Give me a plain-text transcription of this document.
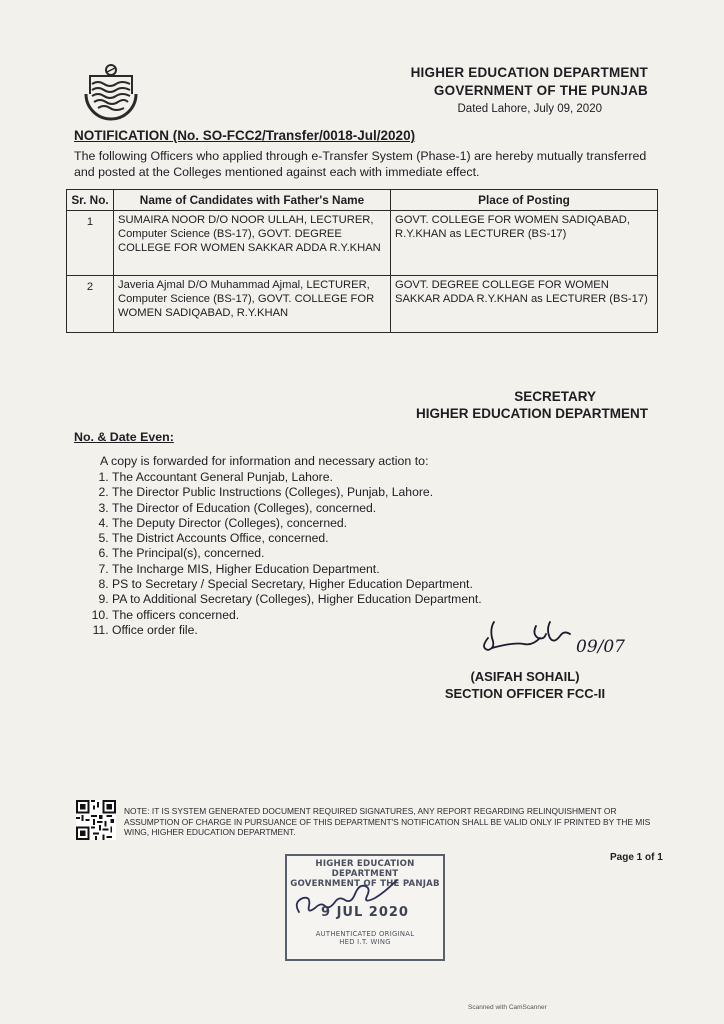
HIGHER EDUCATION DEPARTMENT
GOVERNMENT OF THE PUNJAB
Dated Lahore, July 09, 2020
NOTIFICATION (No. SO-FCC2/Transfer/0018-Jul/2020)
The following Officers who applied through e-Transfer System (Phase-1) are hereby mutually transferred and posted at the Colleges mentioned against each with immediate effect.
Sr. No.	Name of Candidates with Father's Name	Place of Posting
1	SUMAIRA NOOR D/O NOOR ULLAH, LECTURER, Computer Science (BS-17), GOVT. DEGREE COLLEGE FOR WOMEN SAKKAR ADDA R.Y.KHAN	GOVT. COLLEGE FOR WOMEN SADIQABAD, R.Y.KHAN as LECTURER (BS-17)
2	Javeria Ajmal D/O Muhammad Ajmal, LECTURER, Computer Science (BS-17), GOVT. COLLEGE FOR WOMEN SADIQABAD, R.Y.KHAN	GOVT. DEGREE COLLEGE FOR WOMEN SAKKAR ADDA R.Y.KHAN as LECTURER (BS-17)
SECRETARY
HIGHER EDUCATION DEPARTMENT
No. & Date Even:
A copy is forwarded for information and necessary action to:
1. The Accountant General Punjab, Lahore.
2. The Director Public Instructions (Colleges), Punjab, Lahore.
3. The Director of Education (Colleges), concerned.
4. The Deputy Director (Colleges), concerned.
5. The District Accounts Office, concerned.
6. The Principal(s), concerned.
7. The Incharge MIS, Higher Education Department.
8. PS to Secretary / Special Secretary, Higher Education Department.
9. PA to Additional Secretary (Colleges), Higher Education Department.
10. The officers concerned.
11. Office order file.
09/07
(ASIFAH SOHAIL)
SECTION OFFICER FCC-II
NOTE: IT IS SYSTEM GENERATED DOCUMENT REQUIRED SIGNATURES, ANY REPORT REGARDING RELINQUISHMENT OR ASSUMPTION OF CHARGE IN PURSUANCE OF THIS DEPARTMENT'S NOTIFICATION SHALL BE VALID ONLY IF PRINTED BY THE MIS WING, HIGHER EDUCATION DEPARTMENT.
Page 1 of 1
HIGHER EDUCATION DEPARTMENT
GOVERNMENT OF THE PANJAB
9 JUL 2020
AUTHENTICATED ORIGINAL
HED I.T. WING
Scanned with CamScanner
